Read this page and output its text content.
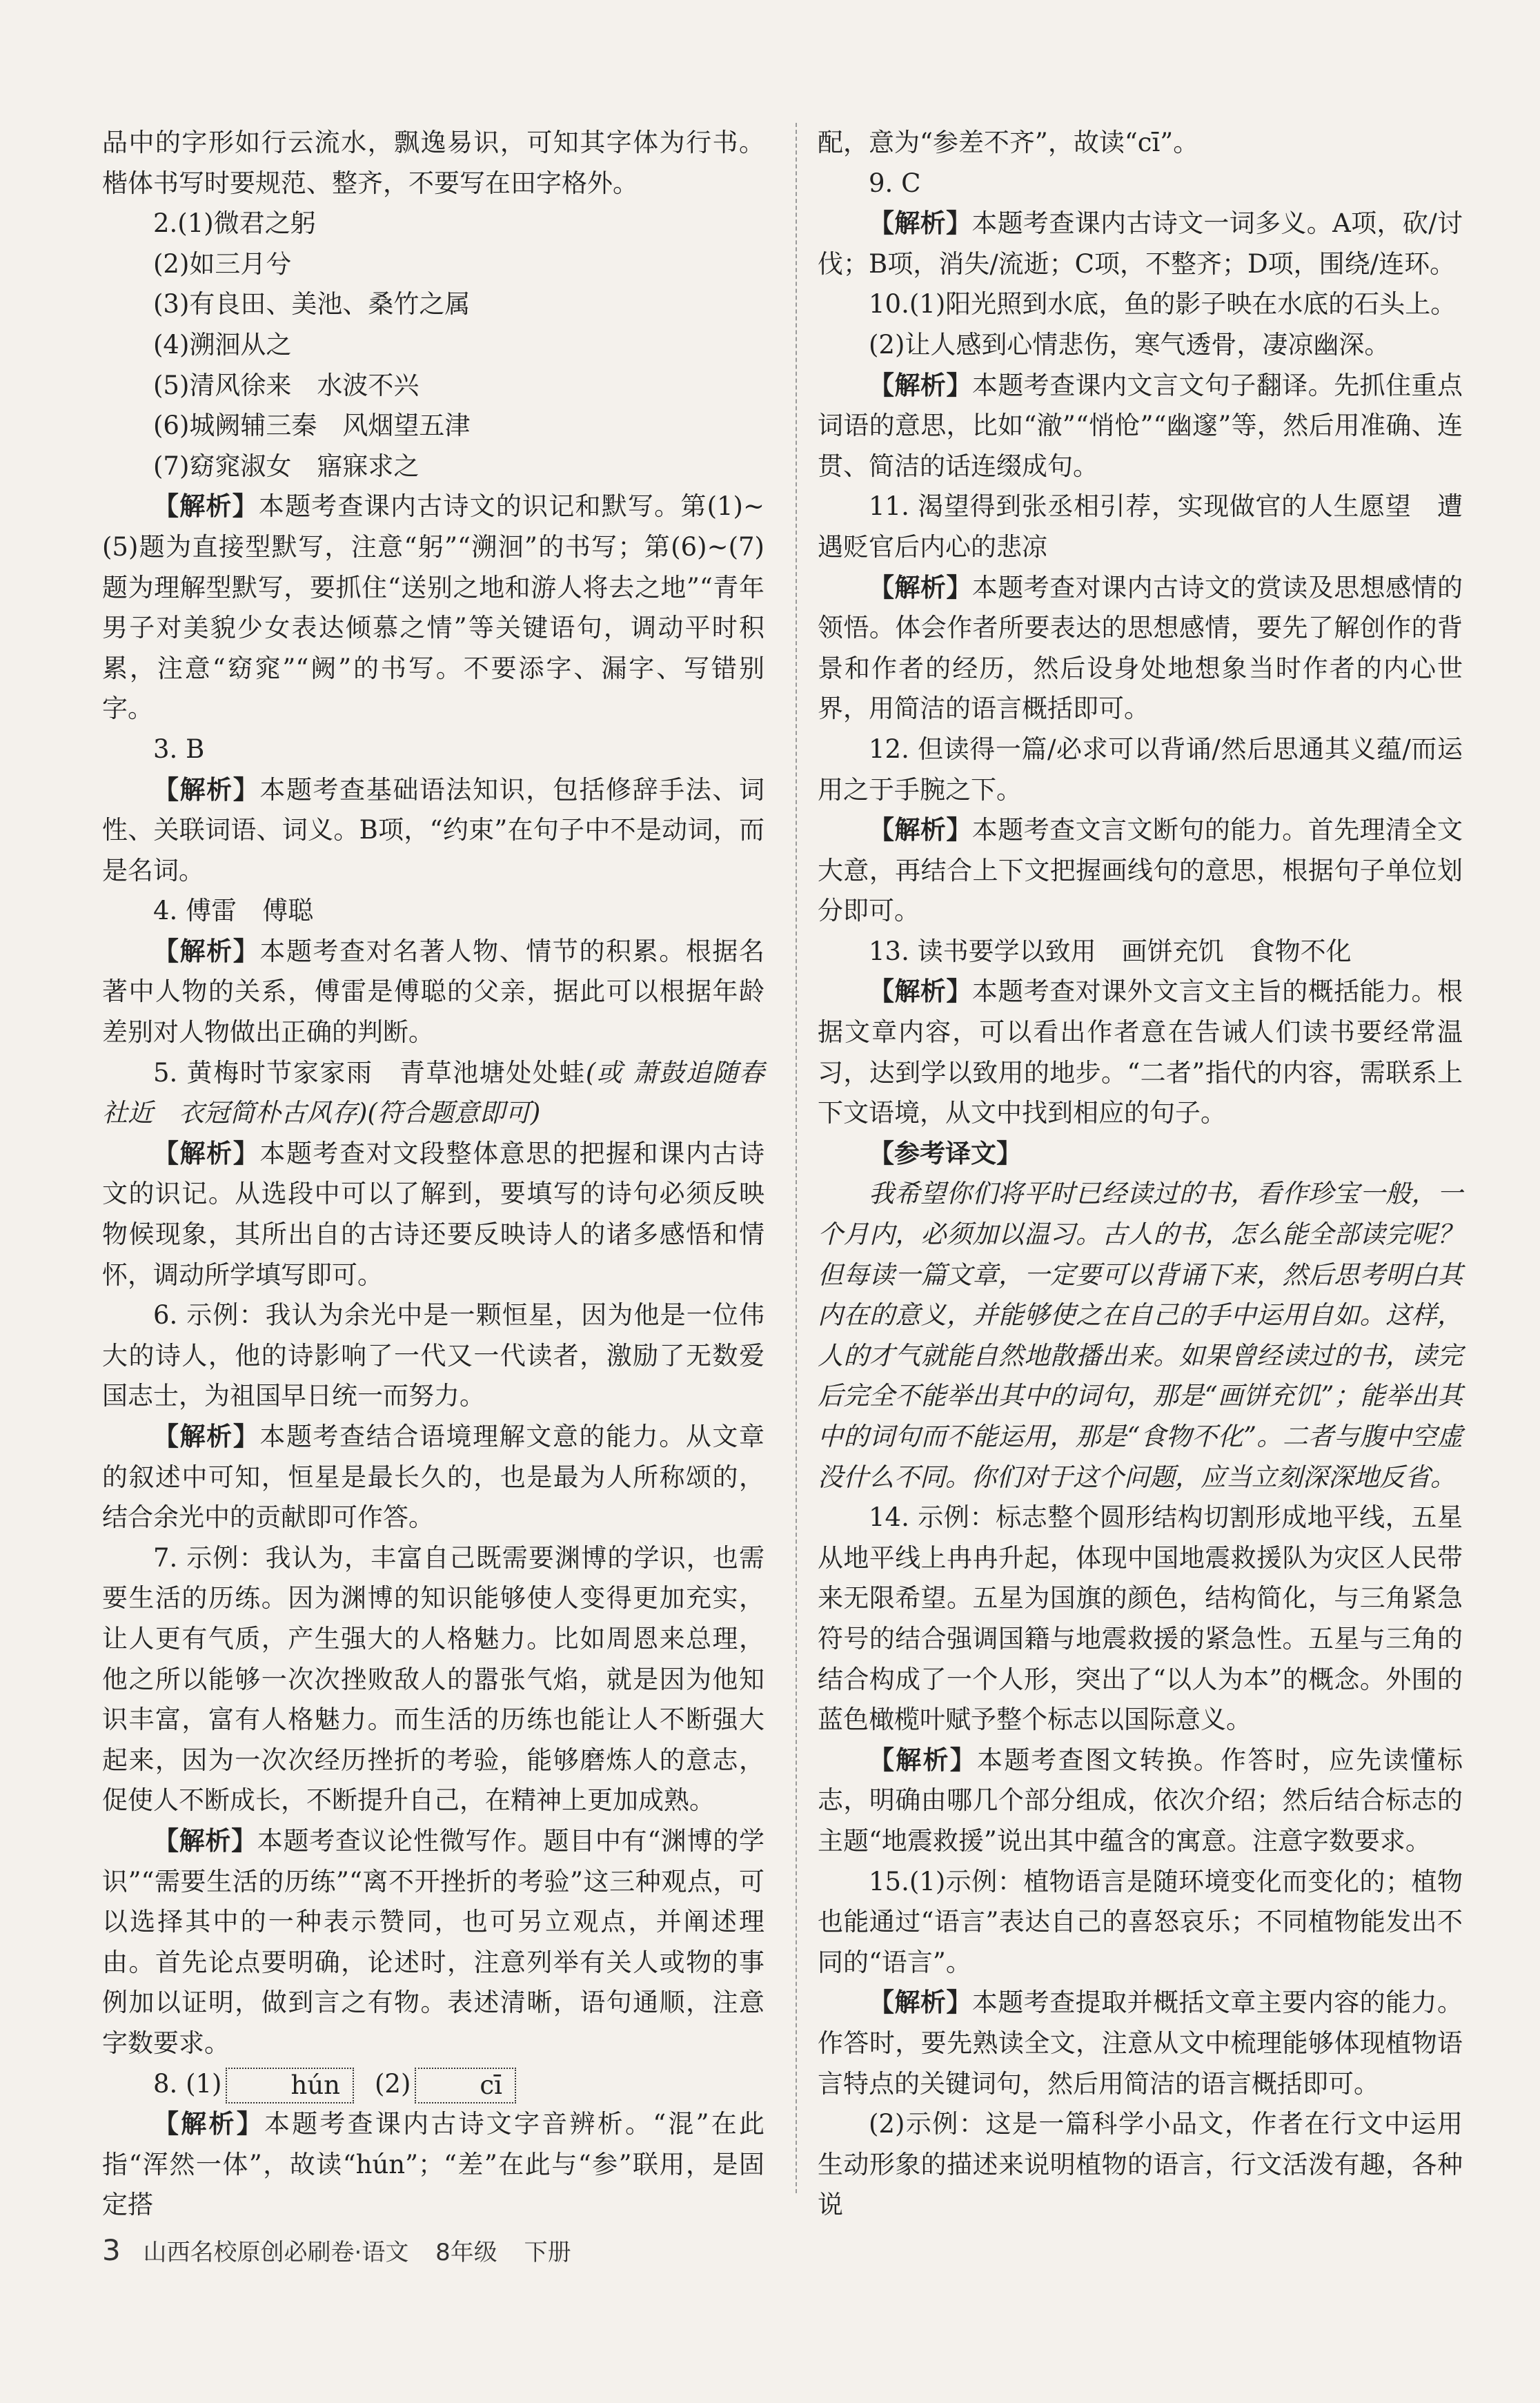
品中的字形如行云流水，飘逸易识，可知其字体为行书。楷体书写时要规范、整齐，不要写在田字格外。

2.(1)微君之躬

(2)如三月兮

(3)有良田、美池、桑竹之属

(4)溯洄从之

(5)清风徐来　水波不兴

(6)城阙辅三秦　风烟望五津

(7)窈窕淑女　寤寐求之

【解析】本题考查课内古诗文的识记和默写。第(1)~(5)题为直接型默写，注意“躬”“溯洄”的书写；第(6)~(7)题为理解型默写，要抓住“送别之地和游人将去之地”“青年男子对美貌少女表达倾慕之情”等关键语句，调动平时积累，注意“窈窕”“阙”的书写。不要添字、漏字、写错别字。

3. B

【解析】本题考查基础语法知识，包括修辞手法、词性、关联词语、词义。B项，“约束”在句子中不是动词，而是名词。

4. 傅雷　傅聪

【解析】本题考查对名著人物、情节的积累。根据名著中人物的关系，傅雷是傅聪的父亲，据此可以根据年龄差别对人物做出正确的判断。

5. 黄梅时节家家雨　青草池塘处处蛙(或 萧鼓追随春社近　衣冠简朴古风存)(符合题意即可)

【解析】本题考查对文段整体意思的把握和课内古诗文的识记。从选段中可以了解到，要填写的诗句必须反映物候现象，其所出自的古诗还要反映诗人的诸多感悟和情怀，调动所学填写即可。

6. 示例：我认为余光中是一颗恒星，因为他是一位伟大的诗人，他的诗影响了一代又一代读者，激励了无数爱国志士，为祖国早日统一而努力。

【解析】本题考查结合语境理解文意的能力。从文章的叙述中可知，恒星是最长久的，也是最为人所称颂的，结合余光中的贡献即可作答。

7. 示例：我认为，丰富自己既需要渊博的学识，也需要生活的历练。因为渊博的知识能够使人变得更加充实，让人更有气质，产生强大的人格魅力。比如周恩来总理，他之所以能够一次次挫败敌人的嚣张气焰，就是因为他知识丰富，富有人格魅力。而生活的历练也能让人不断强大起来，因为一次次经历挫折的考验，能够磨炼人的意志，促使人不断成长，不断提升自己，在精神上更加成熟。

【解析】本题考查议论性微写作。题目中有“渊博的学识”“需要生活的历练”“离不开挫折的考验”这三种观点，可以选择其中的一种表示赞同，也可另立观点，并阐述理由。首先论点要明确，论述时，注意列举有关人或物的事例加以证明，做到言之有物。表述清晰，语句通顺，注意字数要求。

8. (1)	hún (2)	cī

【解析】本题考查课内古诗文字音辨析。“混”在此指“浑然一体”，故读“hún”；“差”在此与“参”联用，是固定搭

配，意为“参差不齐”，故读“cī”。

9. C

【解析】本题考查课内古诗文一词多义。A项，砍/讨伐；B项，消失/流逝；C项，不整齐；D项，围绕/连环。

10.(1)阳光照到水底，鱼的影子映在水底的石头上。

(2)让人感到心情悲伤，寒气透骨，凄凉幽深。

【解析】本题考查课内文言文句子翻译。先抓住重点词语的意思，比如“澈”“悄怆”“幽邃”等，然后用准确、连贯、简洁的话连缀成句。

11. 渴望得到张丞相引荐，实现做官的人生愿望　遭遇贬官后内心的悲凉

【解析】本题考查对课内古诗文的赏读及思想感情的领悟。体会作者所要表达的思想感情，要先了解创作的背景和作者的经历，然后设身处地想象当时作者的内心世界，用简洁的语言概括即可。

12. 但读得一篇/必求可以背诵/然后思通其义蕴/而运用之于手腕之下。

【解析】本题考查文言文断句的能力。首先理清全文大意，再结合上下文把握画线句的意思，根据句子单位划分即可。

13. 读书要学以致用　画饼充饥　食物不化

【解析】本题考查对课外文言文主旨的概括能力。根据文章内容，可以看出作者意在告诫人们读书要经常温习，达到学以致用的地步。“二者”指代的内容，需联系上下文语境，从文中找到相应的句子。

【参考译文】

我希望你们将平时已经读过的书，看作珍宝一般，一个月内，必须加以温习。古人的书，怎么能全部读完呢？但每读一篇文章，一定要可以背诵下来，然后思考明白其内在的意义，并能够使之在自己的手中运用自如。这样，人的才气就能自然地散播出来。如果曾经读过的书，读完后完全不能举出其中的词句，那是“画饼充饥”；能举出其中的词句而不能运用，那是“食物不化”。二者与腹中空虚没什么不同。你们对于这个问题，应当立刻深深地反省。

14. 示例：标志整个圆形结构切割形成地平线，五星从地平线上冉冉升起，体现中国地震救援队为灾区人民带来无限希望。五星为国旗的颜色，结构简化，与三角紧急符号的结合强调国籍与地震救援的紧急性。五星与三角的结合构成了一个人形，突出了“以人为本”的概念。外围的蓝色橄榄叶赋予整个标志以国际意义。

【解析】本题考查图文转换。作答时，应先读懂标志，明确由哪几个部分组成，依次介绍；然后结合标志的主题“地震救援”说出其中蕴含的寓意。注意字数要求。

15.(1)示例：植物语言是随环境变化而变化的；植物也能通过“语言”表达自己的喜怒哀乐；不同植物能发出不同的“语言”。

【解析】本题考查提取并概括文章主要内容的能力。作答时，要先熟读全文，注意从文中梳理能够体现植物语言特点的关键词句，然后用简洁的语言概括即可。

(2)示例：这是一篇科学小品文，作者在行文中运用生动形象的描述来说明植物的语言，行文活泼有趣，各种说

3 山西名校原创必刷卷·语文 8年级 下册
